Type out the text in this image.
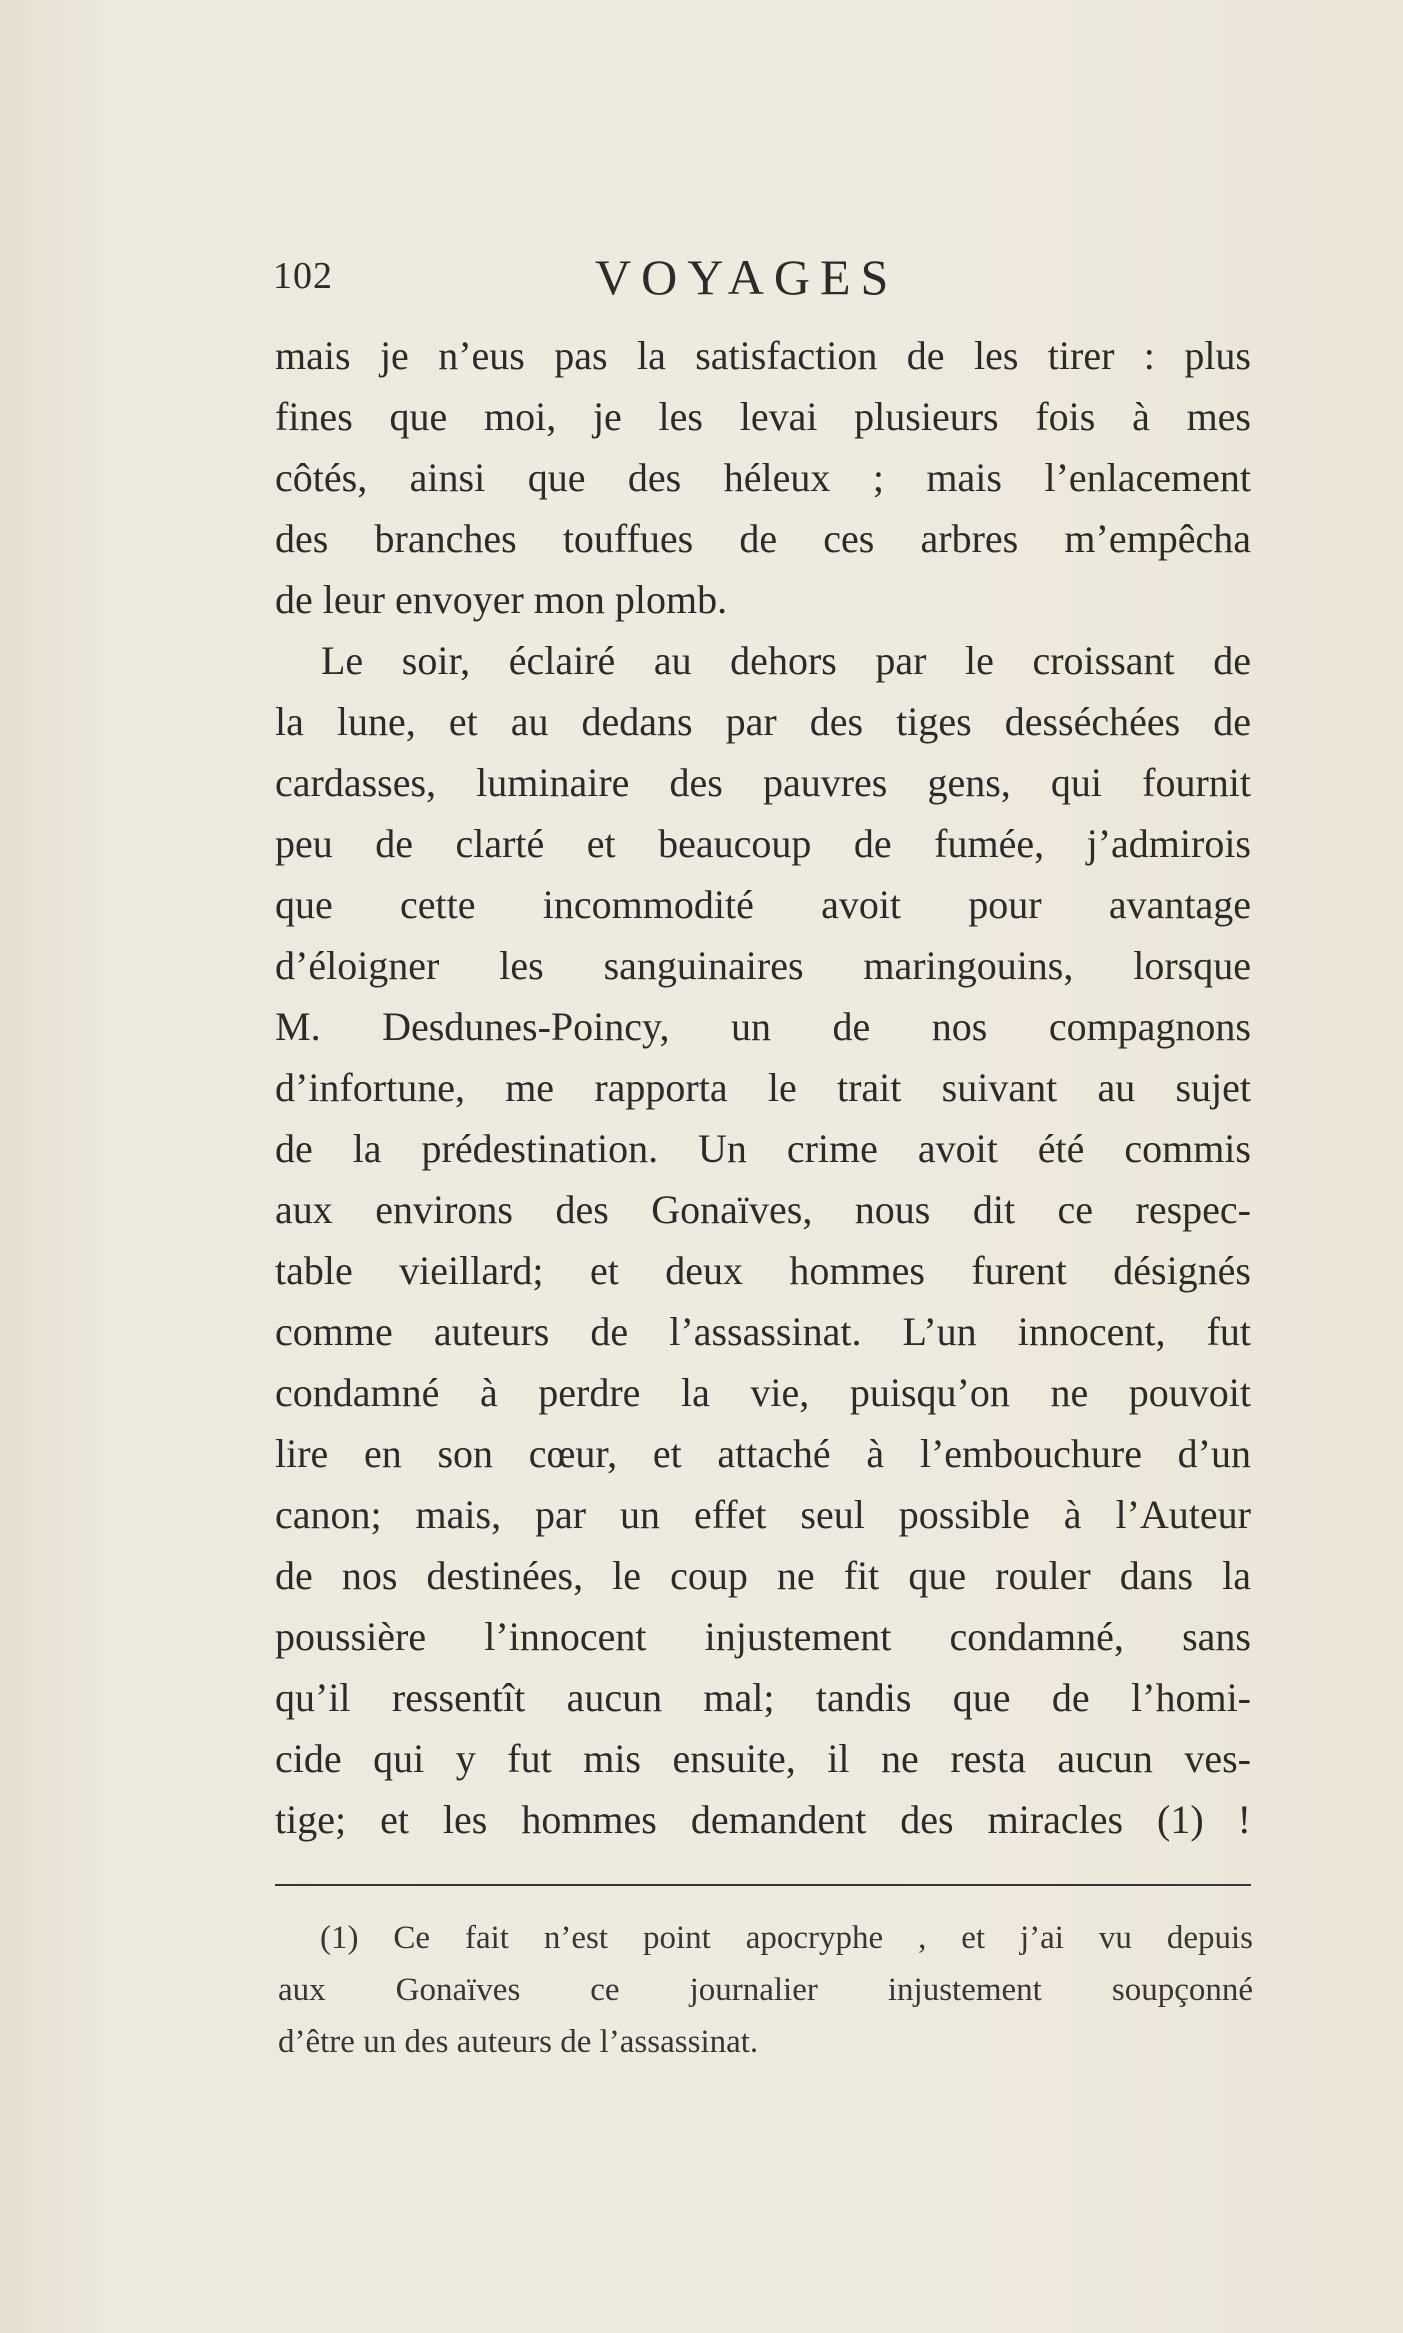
102	VOYAGES
mais je n’eus pas la satisfaction de les tirer : plus
fines que moi, je les levai plusieurs fois à mes
côtés, ainsi que des héleux ; mais l’enlacement
des branches touffues de ces arbres m’empêcha
de leur envoyer mon plomb.
Le soir, éclairé au dehors par le croissant de
la lune, et au dedans par des tiges desséchées de
cardasses, luminaire des pauvres gens, qui fournit
peu de clarté et beaucoup de fumée, j’admirois
que cette incommodité avoit pour avantage
d’éloigner les sanguinaires maringouins, lorsque
M. Desdunes-Poincy, un de nos compagnons
d’infortune, me rapporta le trait suivant au sujet
de la prédestination. Un crime avoit été commis
aux environs des Gonaïves, nous dit ce respec-
table vieillard; et deux hommes furent désignés
comme auteurs de l’assassinat. L’un innocent, fut
condamné à perdre la vie, puisqu’on ne pouvoit
lire en son cœur, et attaché à l’embouchure d’un
canon; mais, par un effet seul possible à l’Auteur
de nos destinées, le coup ne fit que rouler dans la
poussière l’innocent injustement condamné, sans
qu’il ressentît aucun mal; tandis que de l’homi-
cide qui y fut mis ensuite, il ne resta aucun ves-
tige; et les hommes demandent des miracles (1) !
(1) Ce fait n’est point apocryphe , et j’ai vu depuis
aux Gonaïves ce journalier injustement soupçonné
d’être un des auteurs de l’assassinat.
